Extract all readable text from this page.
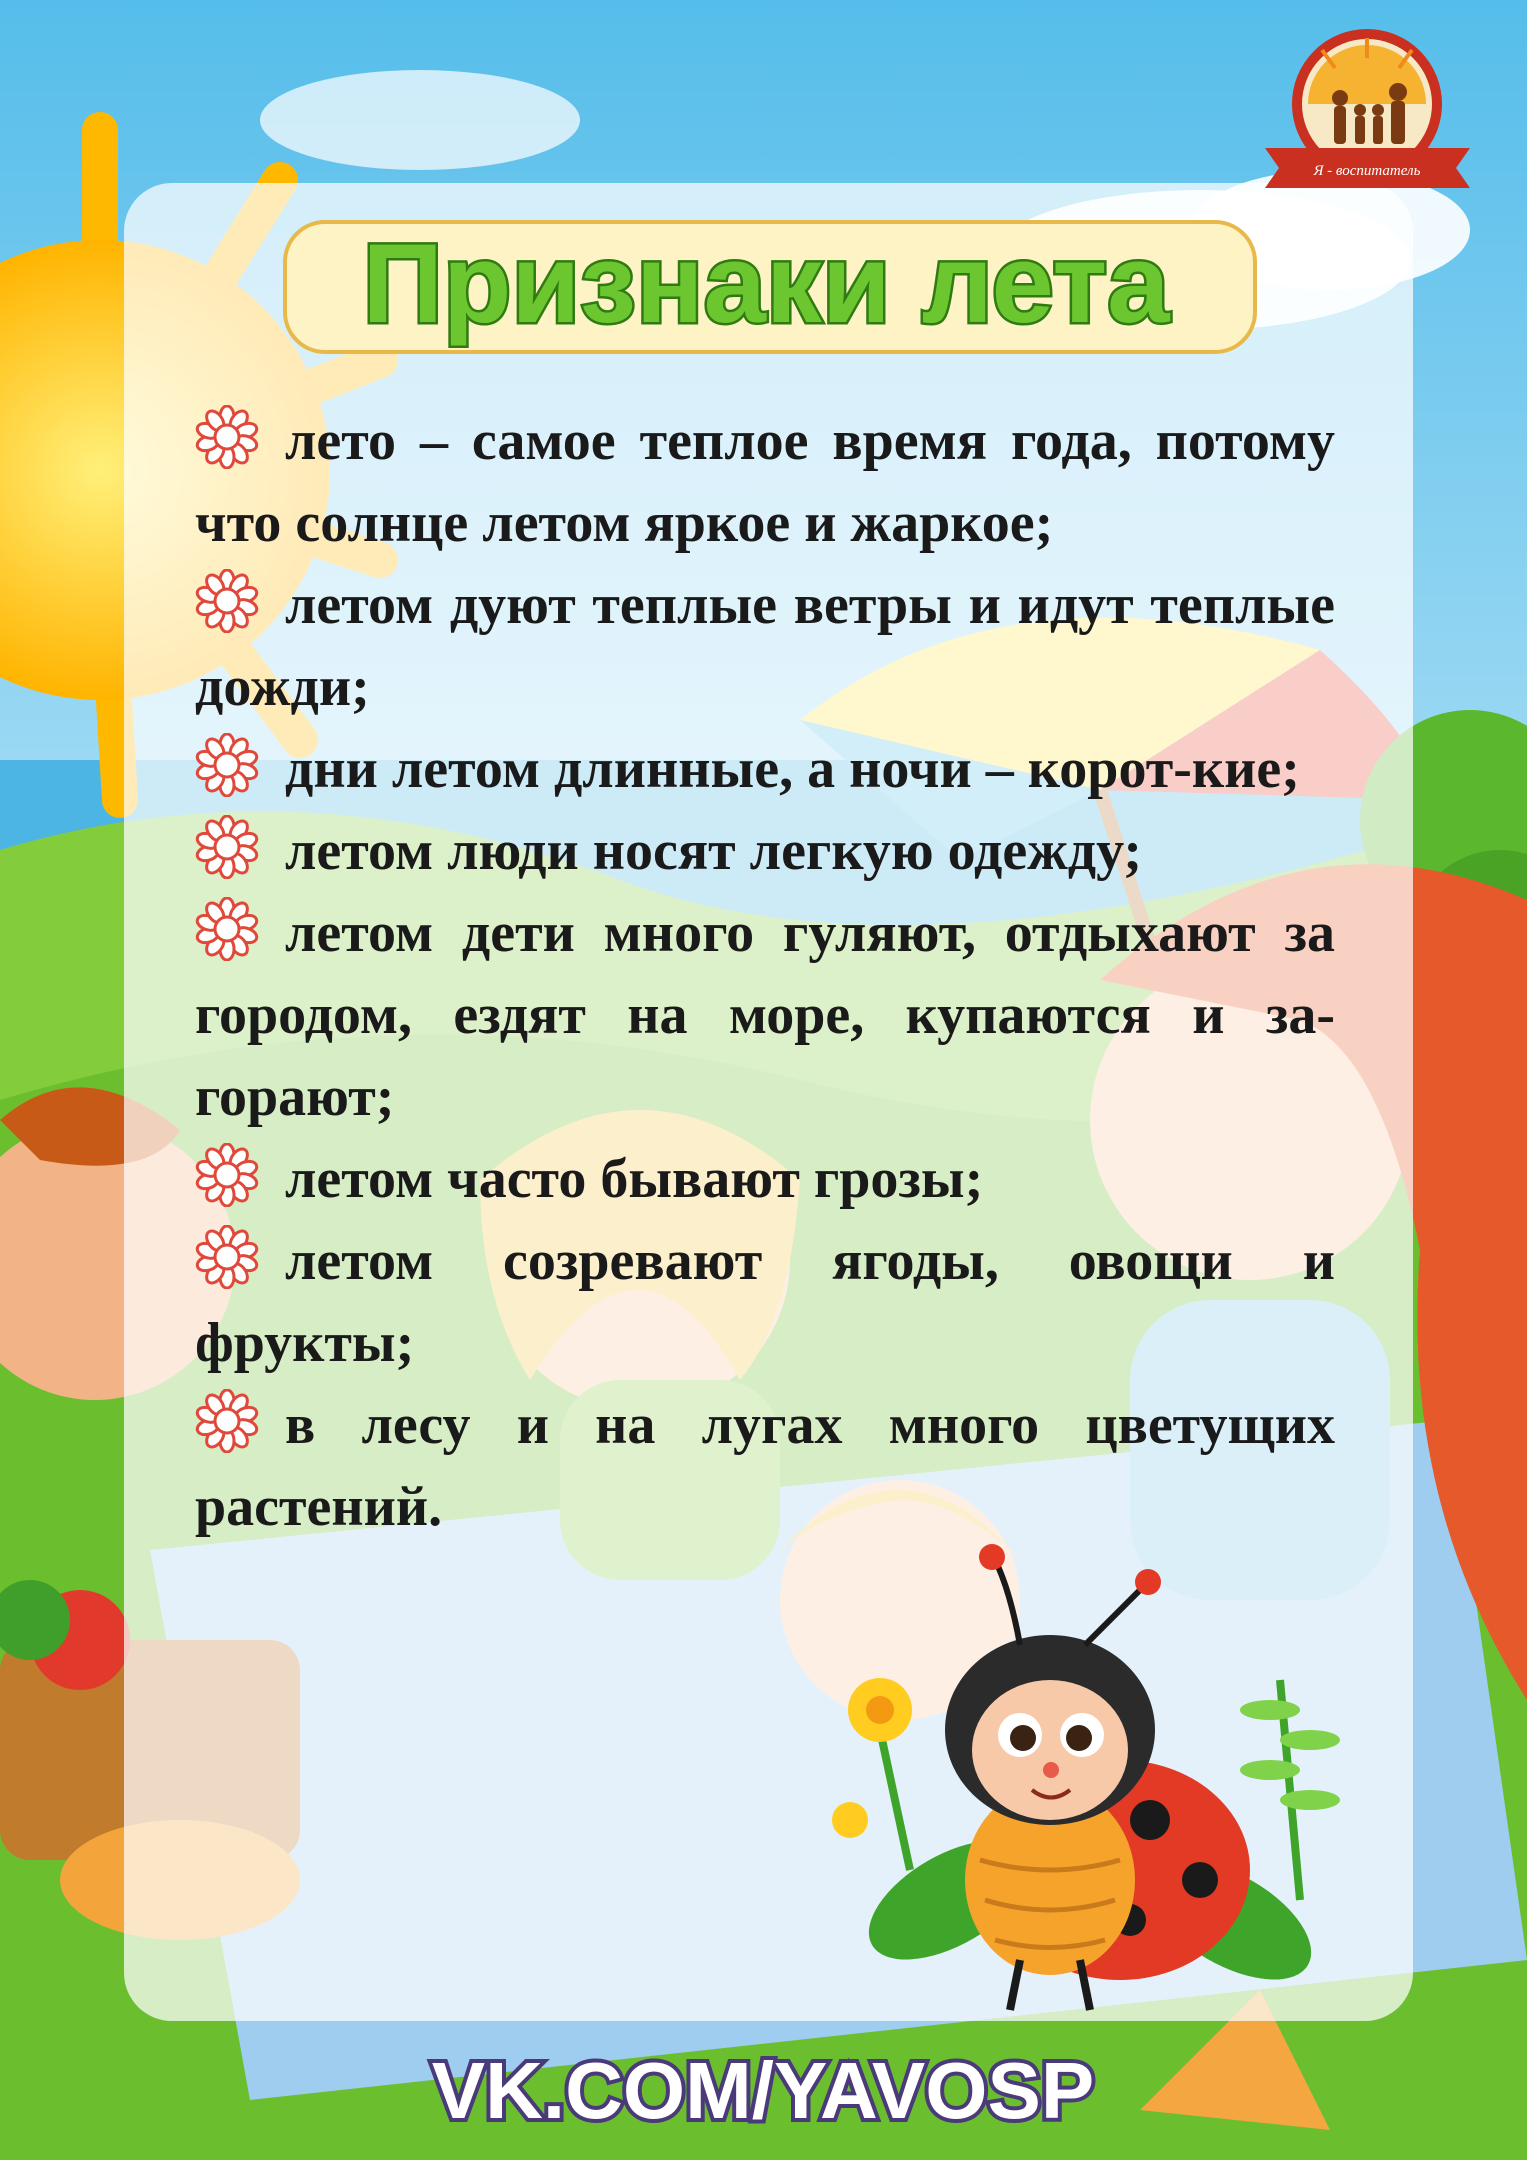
Я - воспитатель
Признаки лета

лето – самое теплое время года, потому что солнце летом яркое и жаркое;

летом дуют теплые ветры и идут теплые дожди;

дни летом длинные, а ночи – корот-кие;

летом люди носят легкую одежду;

летом дети много гуляют, отдыхают за городом, ездят на море, купаются и за-горают;

летом часто бывают грозы;

летом созревают ягоды, овощи и фрукты;

в лесу и на лугах много цветущих растений.

VK.COM/YAVOSP
